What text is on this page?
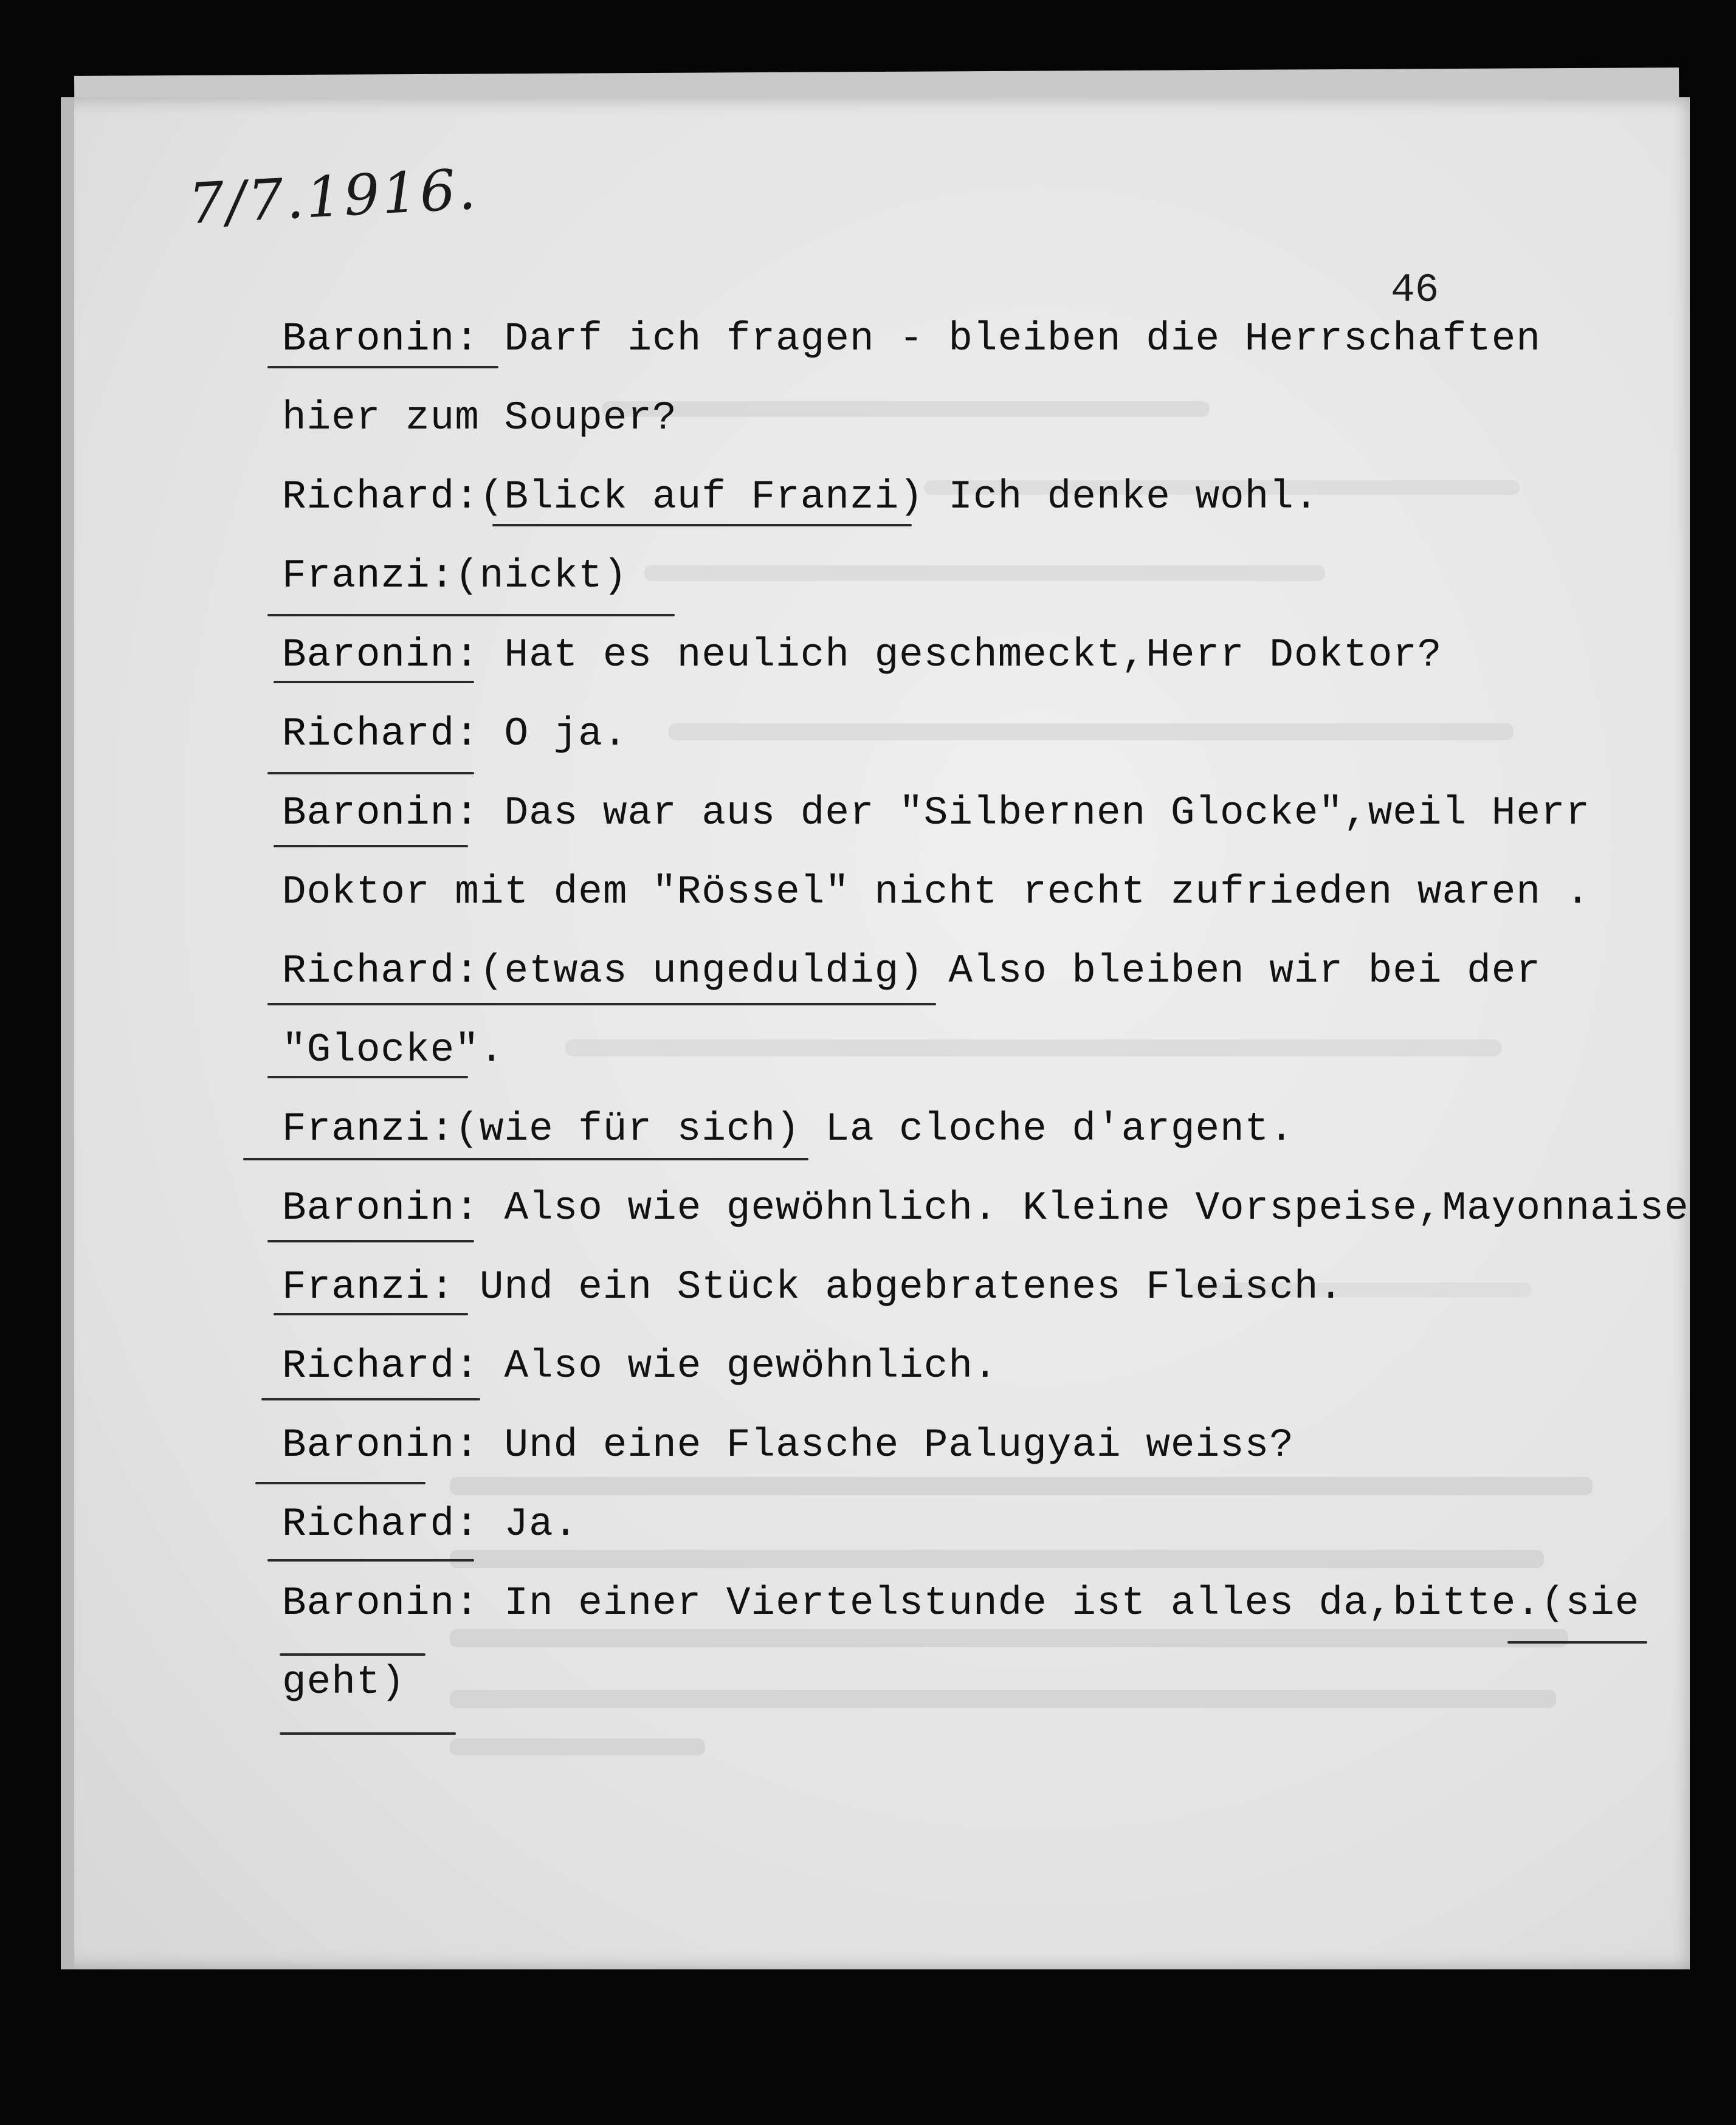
7/7.1916.
46
Baronin: Darf ich fragen - bleiben die Herrschaften
hier zum Souper?
Richard:(Blick auf Franzi) Ich denke wohl.
Franzi:(nickt)
Baronin: Hat es neulich geschmeckt,Herr Doktor?
Richard: O ja.
Baronin: Das war aus der "Silbernen Glocke",weil Herr
Doktor mit dem "Rössel" nicht recht zufrieden waren .
Richard:(etwas ungeduldig) Also bleiben wir bei der
"Glocke".
Franzi:(wie für sich) La cloche d'argent.
Baronin: Also wie gewöhnlich. Kleine Vorspeise,Mayonnaise
Franzi: Und ein Stück abgebratenes Fleisch.
Richard: Also wie gewöhnlich.
Baronin: Und eine Flasche Palugyai weiss?
Richard: Ja.
Baronin: In einer Viertelstunde ist alles da,bitte.(sie
geht)
